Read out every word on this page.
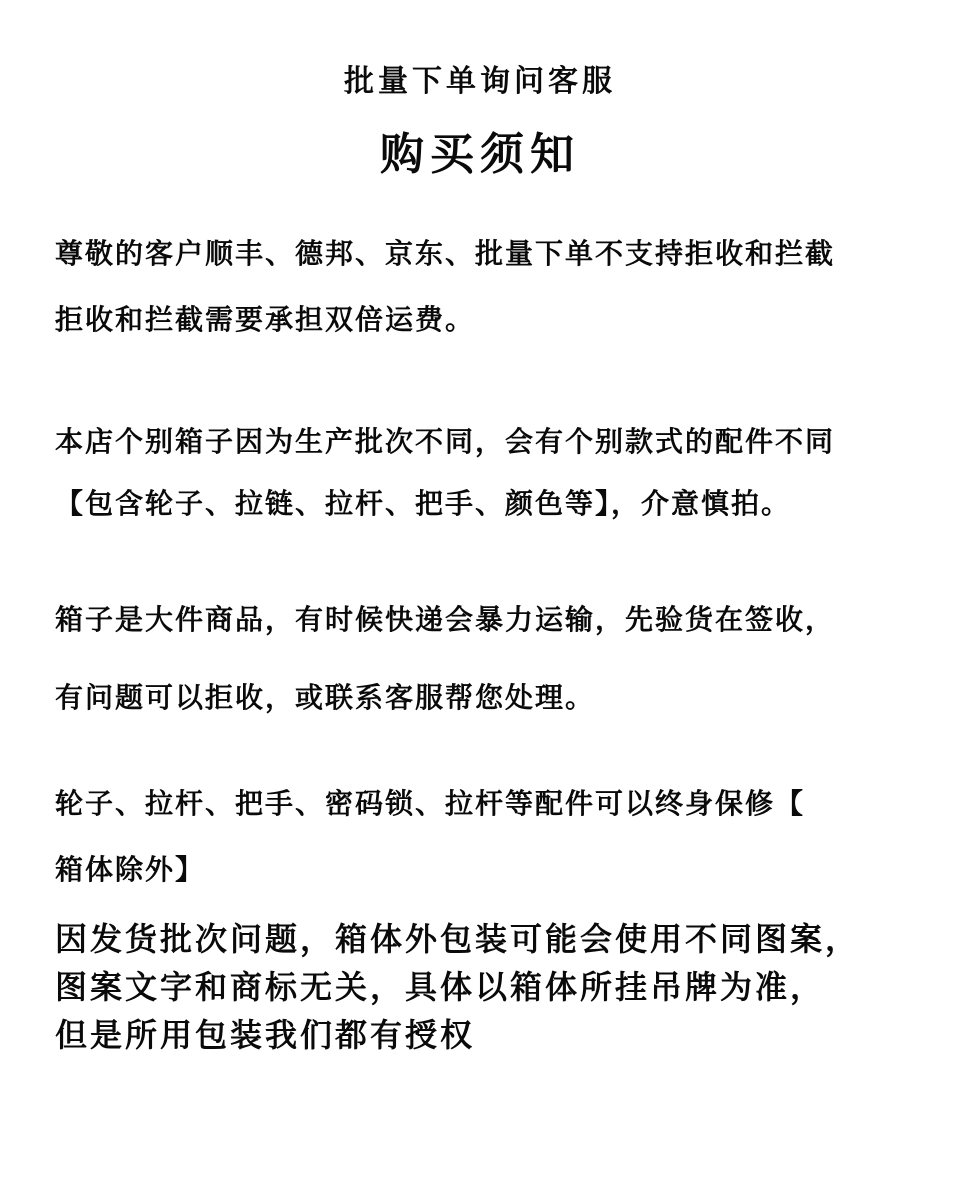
批量下单询问客服
购买须知
尊敬的客户顺丰、德邦、京东、批量下单不支持拒收和拦截
拒收和拦截需要承担双倍运费。
本店个别箱子因为生产批次不同，会有个别款式的配件不同
【包含轮子、拉链、拉杆、把手、颜色等】，介意慎拍。
箱子是大件商品，有时候快递会暴力运输，先验货在签收，
有问题可以拒收，或联系客服帮您处理。
轮子、拉杆、把手、密码锁、拉杆等配件可以终身保修【
箱体除外】
因发货批次问题，箱体外包装可能会使用不同图案，
图案文字和商标无关，具体以箱体所挂吊牌为准，
但是所用包装我们都有授权
